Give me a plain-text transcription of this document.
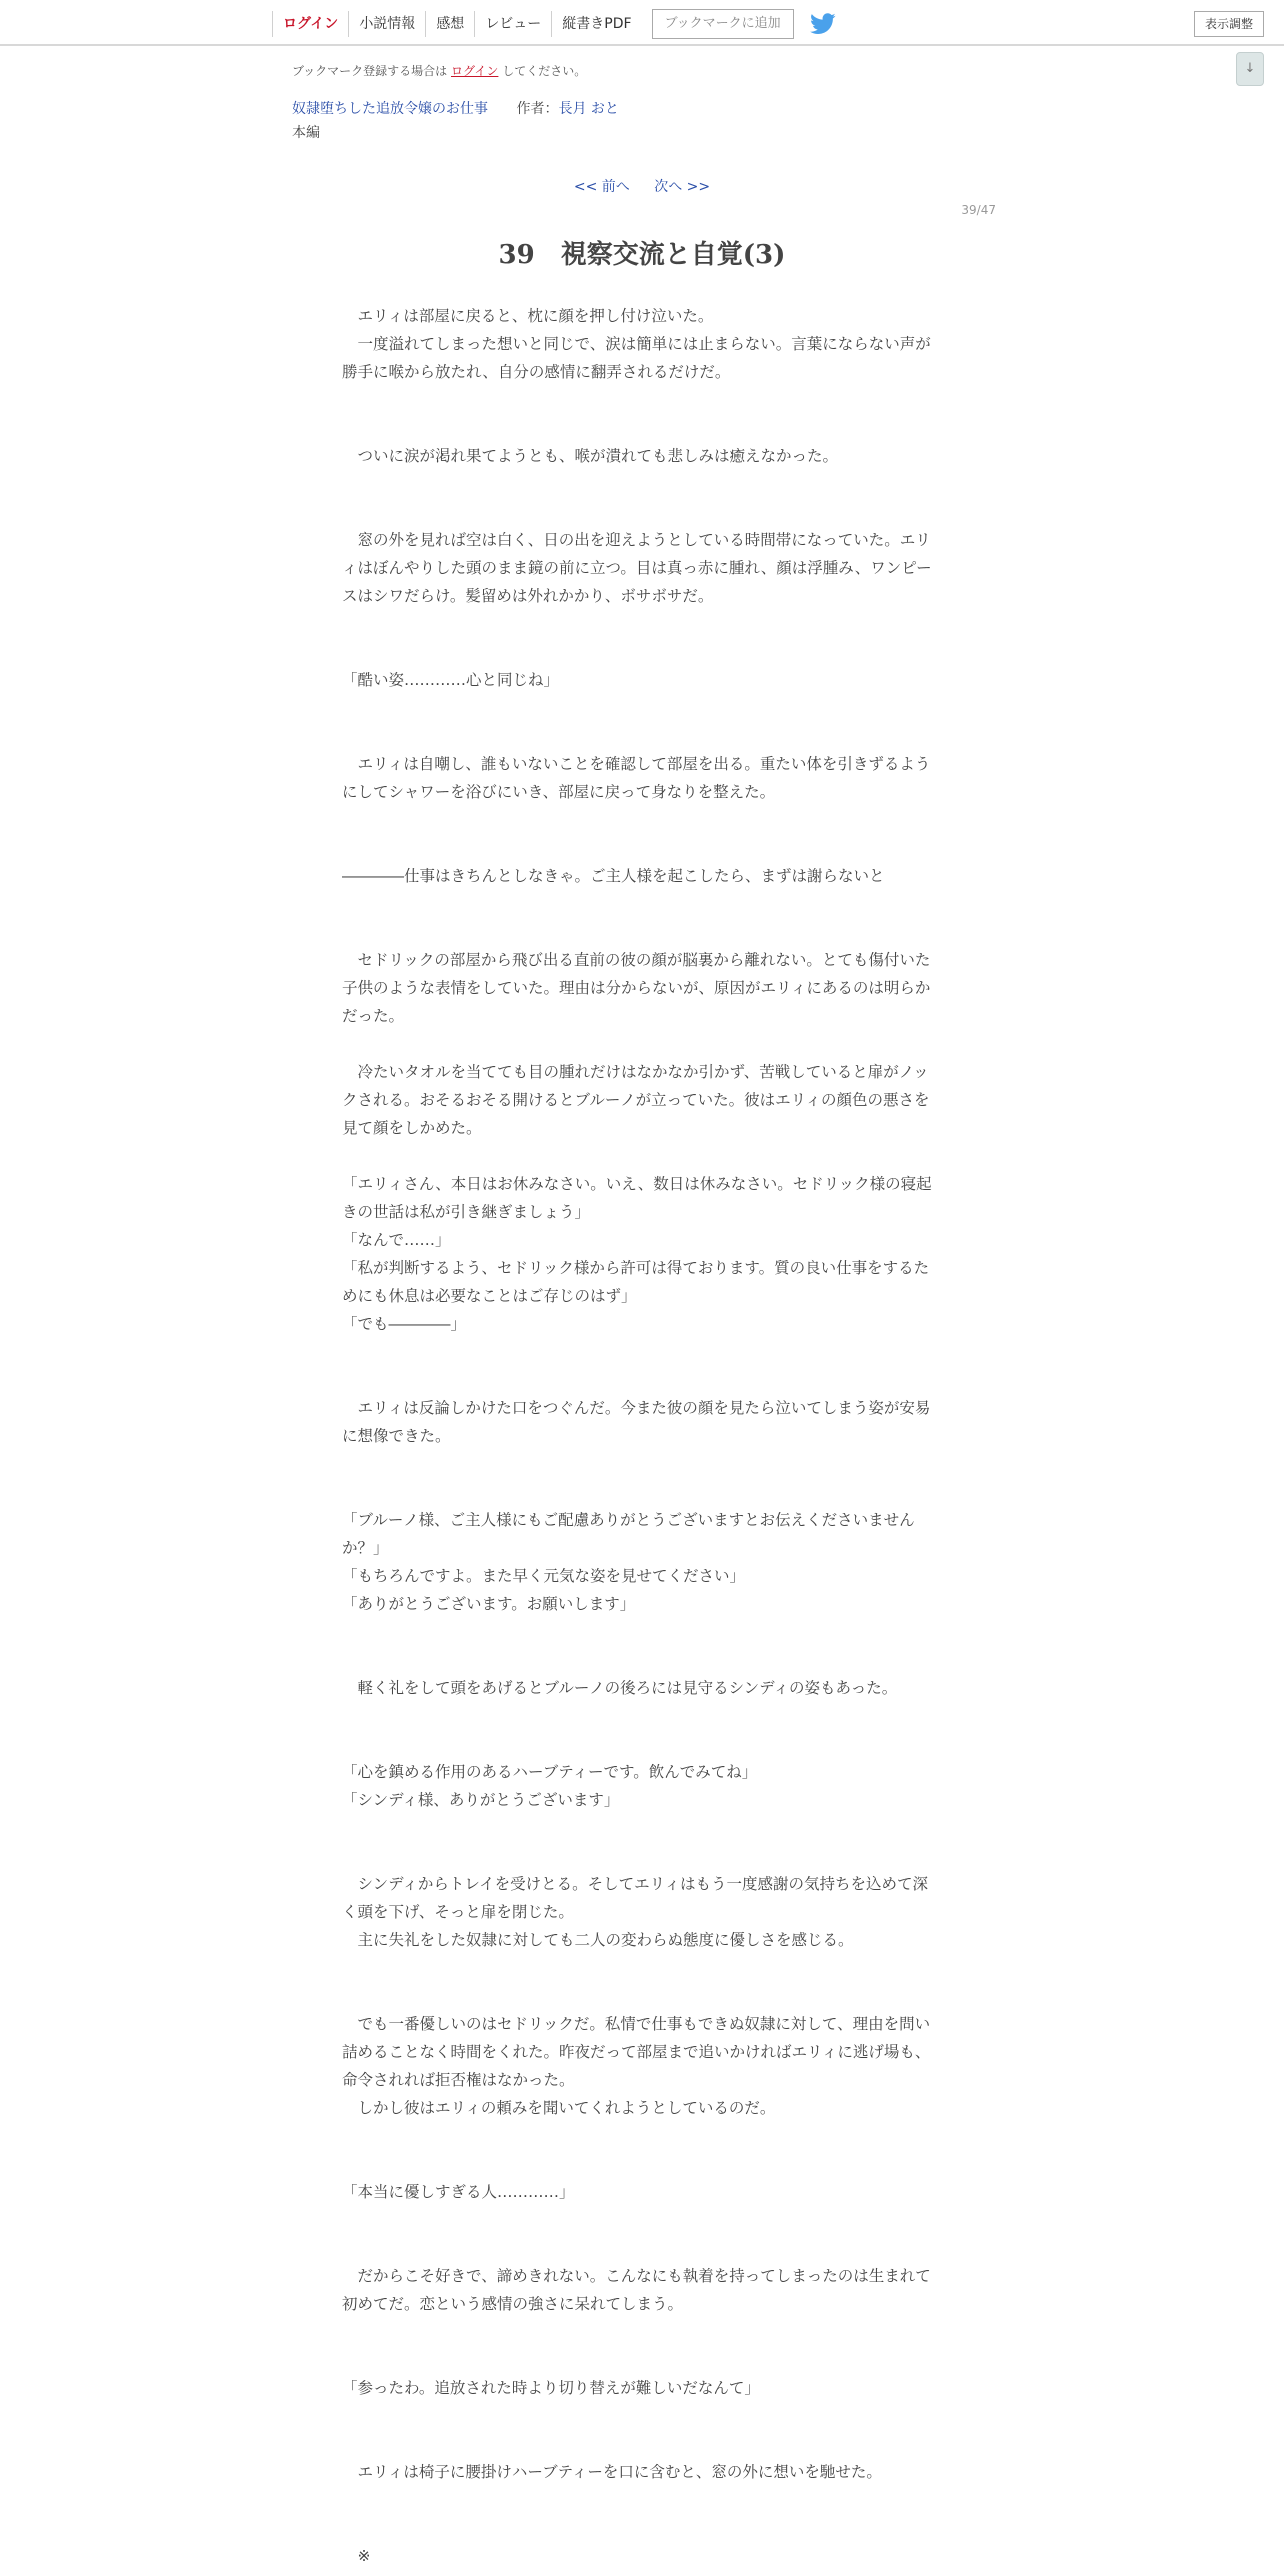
ログイン	小説情報	感想	レビュー	縦書きPDF	ブックマークに追加	表示調整
↓
ブックマーク登録する場合は ログイン してください。
奴隷堕ちした追放令嬢のお仕事 作者：長月 おと
本編
<< 前へ 次へ >>
39/47
39　視察交流と自覚(3)

　エリィは部屋に戻ると、枕に顔を押し付け泣いた。

　一度溢れてしまった想いと同じで、涙は簡単には止まらない。言葉にならない声が勝手に喉から放たれ、自分の感情に翻弄されるだけだ。

　ついに涙が渇れ果てようとも、喉が潰れても悲しみは癒えなかった。

　窓の外を見れば空は白く、日の出を迎えようとしている時間帯になっていた。エリィはぼんやりした頭のまま鏡の前に立つ。目は真っ赤に腫れ、顔は浮腫み、ワンピースはシワだらけ。髪留めは外れかかり、ボサボサだ。

「酷い姿…………心と同じね」

　エリィは自嘲し、誰もいないことを確認して部屋を出る。重たい体を引きずるようにしてシャワーを浴びにいき、部屋に戻って身なりを整えた。

――――仕事はきちんとしなきゃ。ご主人様を起こしたら、まずは謝らないと

　セドリックの部屋から飛び出る直前の彼の顔が脳裏から離れない。とても傷付いた子供のような表情をしていた。理由は分からないが、原因がエリィにあるのは明らかだった。

　冷たいタオルを当てても目の腫れだけはなかなか引かず、苦戦していると扉がノックされる。おそるおそる開けるとブルーノが立っていた。彼はエリィの顔色の悪さを見て顔をしかめた。

「エリィさん、本日はお休みなさい。いえ、数日は休みなさい。セドリック様の寝起きの世話は私が引き継ぎましょう」

「なんで……」

「私が判断するよう、セドリック様から許可は得ております。質の良い仕事をするためにも休息は必要なことはご存じのはず」

「でも――――」

　エリィは反論しかけた口をつぐんだ。今また彼の顔を見たら泣いてしまう姿が安易に想像できた。

「ブルーノ様、ご主人様にもご配慮ありがとうございますとお伝えくださいませんか？」

「もちろんですよ。また早く元気な姿を見せてください」

「ありがとうございます。お願いします」

　軽く礼をして頭をあげるとブルーノの後ろには見守るシンディの姿もあった。

「心を鎮める作用のあるハーブティーです。飲んでみてね」

「シンディ様、ありがとうございます」

　シンディからトレイを受けとる。そしてエリィはもう一度感謝の気持ちを込めて深く頭を下げ、そっと扉を閉じた。

　主に失礼をした奴隷に対しても二人の変わらぬ態度に優しさを感じる。

　でも一番優しいのはセドリックだ。私情で仕事もできぬ奴隷に対して、理由を問い詰めることなく時間をくれた。昨夜だって部屋まで追いかければエリィに逃げ場も、命令されれば拒否権はなかった。

　しかし彼はエリィの頼みを聞いてくれようとしているのだ。

「本当に優しすぎる人…………」

　だからこそ好きで、諦めきれない。こんなにも執着を持ってしまったのは生まれて初めてだ。恋という感情の強さに呆れてしまう。

「参ったわ。追放された時より切り替えが難しいだなんて」

　エリィは椅子に腰掛けハーブティーを口に含むと、窓の外に想いを馳せた。

　※
